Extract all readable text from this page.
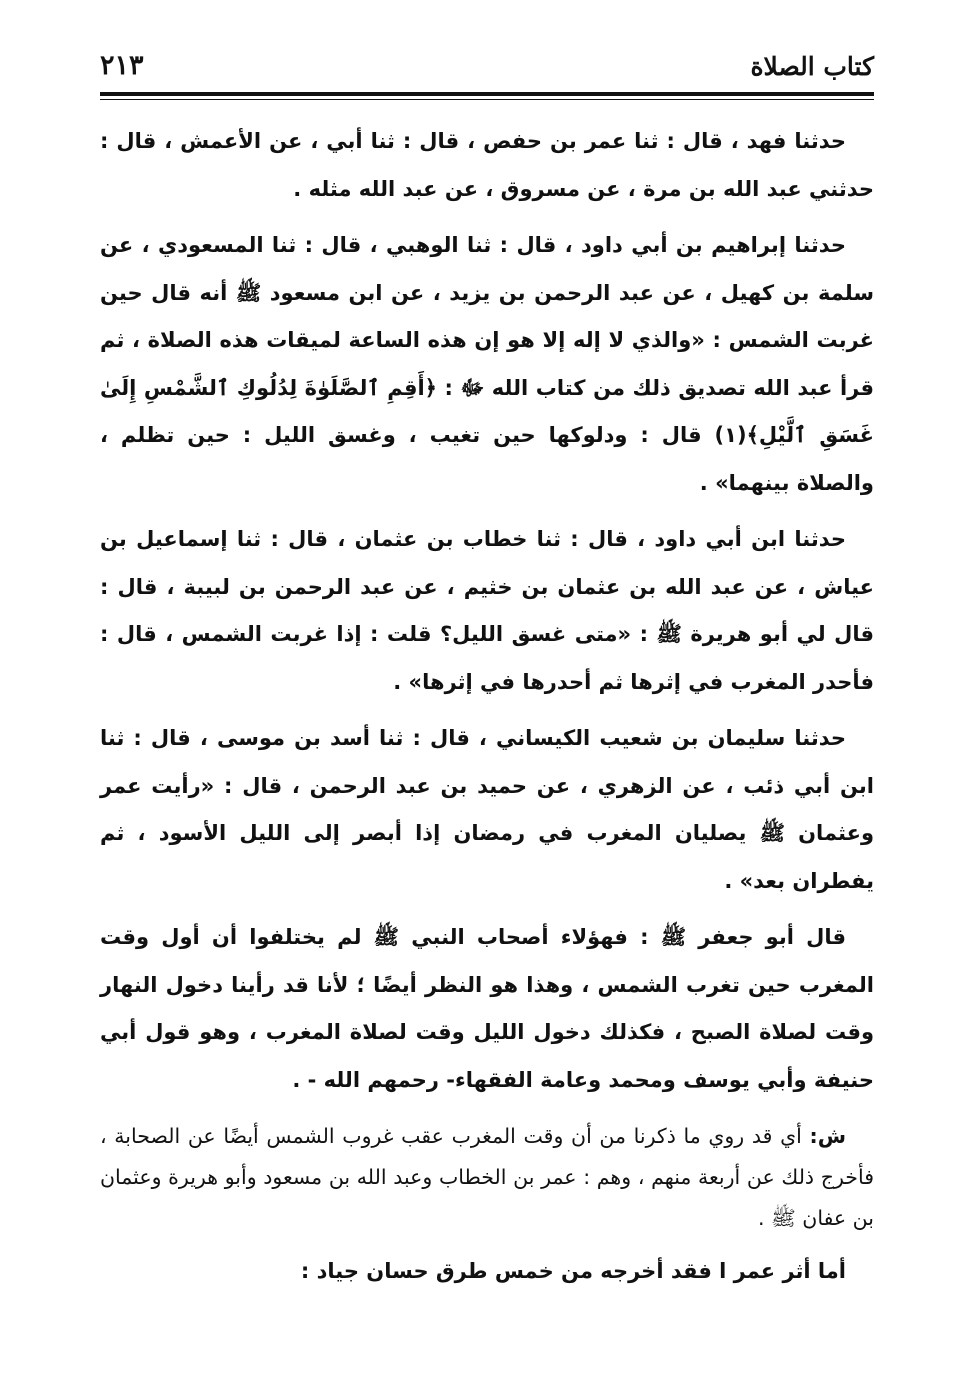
كتاب الصلاة
٢١٣

حدثنا فهد ، قال : ثنا عمر بن حفص ، قال : ثنا أبي ، عن الأعمش ، قال : حدثني عبد الله بن مرة ، عن مسروق ، عن عبد الله مثله .

حدثنا إبراهيم بن أبي داود ، قال : ثنا الوهبي ، قال : ثنا المسعودي ، عن سلمة بن كهيل ، عن عبد الرحمن بن يزيد ، عن ابن مسعود ﷺ أنه قال حين غربت الشمس : «والذي لا إله إلا هو إن هذه الساعة لميقات هذه الصلاة ، ثم قرأ عبد الله تصديق ذلك من كتاب الله ﷻ : ﴿أَقِمِ ٱلصَّلَوٰةَ لِدُلُوكِ ٱلشَّمْسِ إِلَىٰ غَسَقِ ٱلَّيْلِ﴾(١) قال : ودلوكها حين تغيب ، وغسق الليل : حين تظلم ، والصلاة بينهما» .

حدثنا ابن أبي داود ، قال : ثنا خطاب بن عثمان ، قال : ثنا إسماعيل بن عياش ، عن عبد الله بن عثمان بن خثيم ، عن عبد الرحمن بن لبيبة ، قال : قال لي أبو هريرة ﷺ : «متى غسق الليل؟ قلت : إذا غربت الشمس ، قال : فأحدر المغرب في إثرها ثم أحدرها في إثرها» .

حدثنا سليمان بن شعيب الكيساني ، قال : ثنا أسد بن موسى ، قال : ثنا ابن أبي ذئب ، عن الزهري ، عن حميد بن عبد الرحمن ، قال : «رأيت عمر وعثمان ﷺ يصليان المغرب في رمضان إذا أبصر إلى الليل الأسود ، ثم يفطران بعد» .

قال أبو جعفر ﷺ : فهؤلاء أصحاب النبي ﷺ لم يختلفوا أن أول وقت المغرب حين تغرب الشمس ، وهذا هو النظر أيضًا ؛ لأنا قد رأينا دخول النهار وقت لصلاة الصبح ، فكذلك دخول الليل وقت لصلاة المغرب ، وهو قول أبي حنيفة وأبي يوسف ومحمد وعامة الفقهاء- رحمهم الله - .

ش: أي قد روي ما ذكرنا من أن وقت المغرب عقب غروب الشمس أيضًا عن الصحابة ، فأخرج ذلك عن أربعة منهم ، وهم : عمر بن الخطاب وعبد الله بن مسعود وأبو هريرة وعثمان بن عفان ﷺ .

أما أثر عمر ا فقد أخرجه من خمس طرق حسان جياد :
